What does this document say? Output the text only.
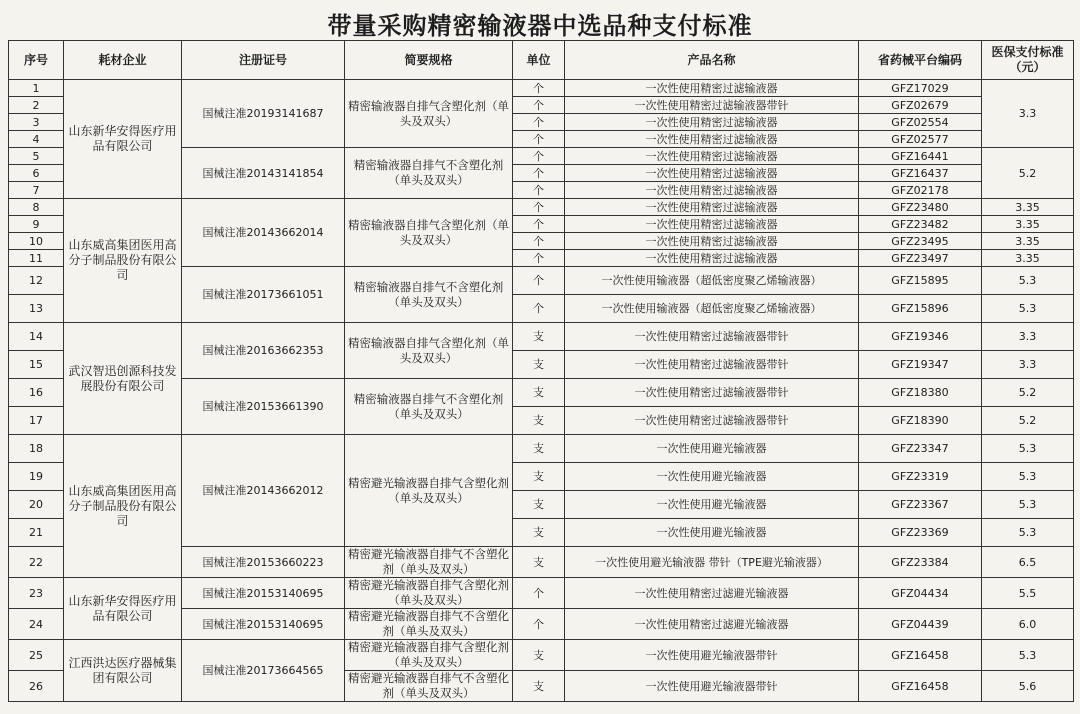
带量采购精密输液器中选品种支付标准
序号	耗材企业	注册证号	简要规格	单位	产品名称	省药械平台编码	医保支付标准（元）
1	山东新华安得医疗用品有限公司	国械注准20193141687	精密输液器自排气含塑化剂（单头及双头）	个	一次性使用精密过滤输液器	GFZ17029	3.3
2				个	一次性使用精密过滤输液器带针	GFZ02679	
3				个	一次性使用精密过滤输液器	GFZ02554	
4				个	一次性使用精密过滤输液器	GFZ02577	
5		国械注准20143141854	精密输液器自排气不含塑化剂（单头及双头）	个	一次性使用精密过滤输液器	GFZ16441	5.2
6				个	一次性使用精密过滤输液器	GFZ16437	
7				个	一次性使用精密过滤输液器	GFZ02178	
8	山东威高集团医用高分子制品股份有限公司	国械注准20143662014	精密输液器自排气含塑化剂（单头及双头）	个	一次性使用精密过滤输液器	GFZ23480	3.35
9				个	一次性使用精密过滤输液器	GFZ23482	3.35
10				个	一次性使用精密过滤输液器	GFZ23495	3.35
11				个	一次性使用精密过滤输液器	GFZ23497	3.35
12		国械注准20173661051	精密输液器自排气不含塑化剂（单头及双头）	个	一次性使用输液器（超低密度聚乙烯输液器）	GFZ15895	5.3
13				个	一次性使用输液器（超低密度聚乙烯输液器）	GFZ15896	5.3
14	武汉智迅创源科技发展股份有限公司	国械注准20163662353	精密输液器自排气含塑化剂（单头及双头）	支	一次性使用精密过滤输液器带针	GFZ19346	3.3
15				支	一次性使用精密过滤输液器带针	GFZ19347	3.3
16		国械注准20153661390	精密输液器自排气不含塑化剂（单头及双头）	支	一次性使用精密过滤输液器带针	GFZ18380	5.2
17				支	一次性使用精密过滤输液器带针	GFZ18390	5.2
18	山东威高集团医用高分子制品股份有限公司	国械注准20143662012	精密避光输液器自排气含塑化剂（单头及双头）	支	一次性使用避光输液器	GFZ23347	5.3
19				支	一次性使用避光输液器	GFZ23319	5.3
20				支	一次性使用避光输液器	GFZ23367	5.3
21				支	一次性使用避光输液器	GFZ23369	5.3
22		国械注准20153660223	精密避光输液器自排气不含塑化剂（单头及双头）	支	一次性使用避光输液器 带针（TPE避光输液器）	GFZ23384	6.5
23	山东新华安得医疗用品有限公司	国械注准20153140695	精密避光输液器自排气含塑化剂（单头及双头）	个	一次性使用精密过滤避光输液器	GFZ04434	5.5
24		国械注准20153140695	精密避光输液器自排气不含塑化剂（单头及双头）	个	一次性使用精密过滤避光输液器	GFZ04439	6.0
25	江西洪达医疗器械集团有限公司	国械注准20173664565	精密避光输液器自排气含塑化剂（单头及双头）	支	一次性使用避光输液器带针	GFZ16458	5.3
26			精密避光输液器自排气不含塑化剂（单头及双头）	支	一次性使用避光输液器带针	GFZ16458	5.6
